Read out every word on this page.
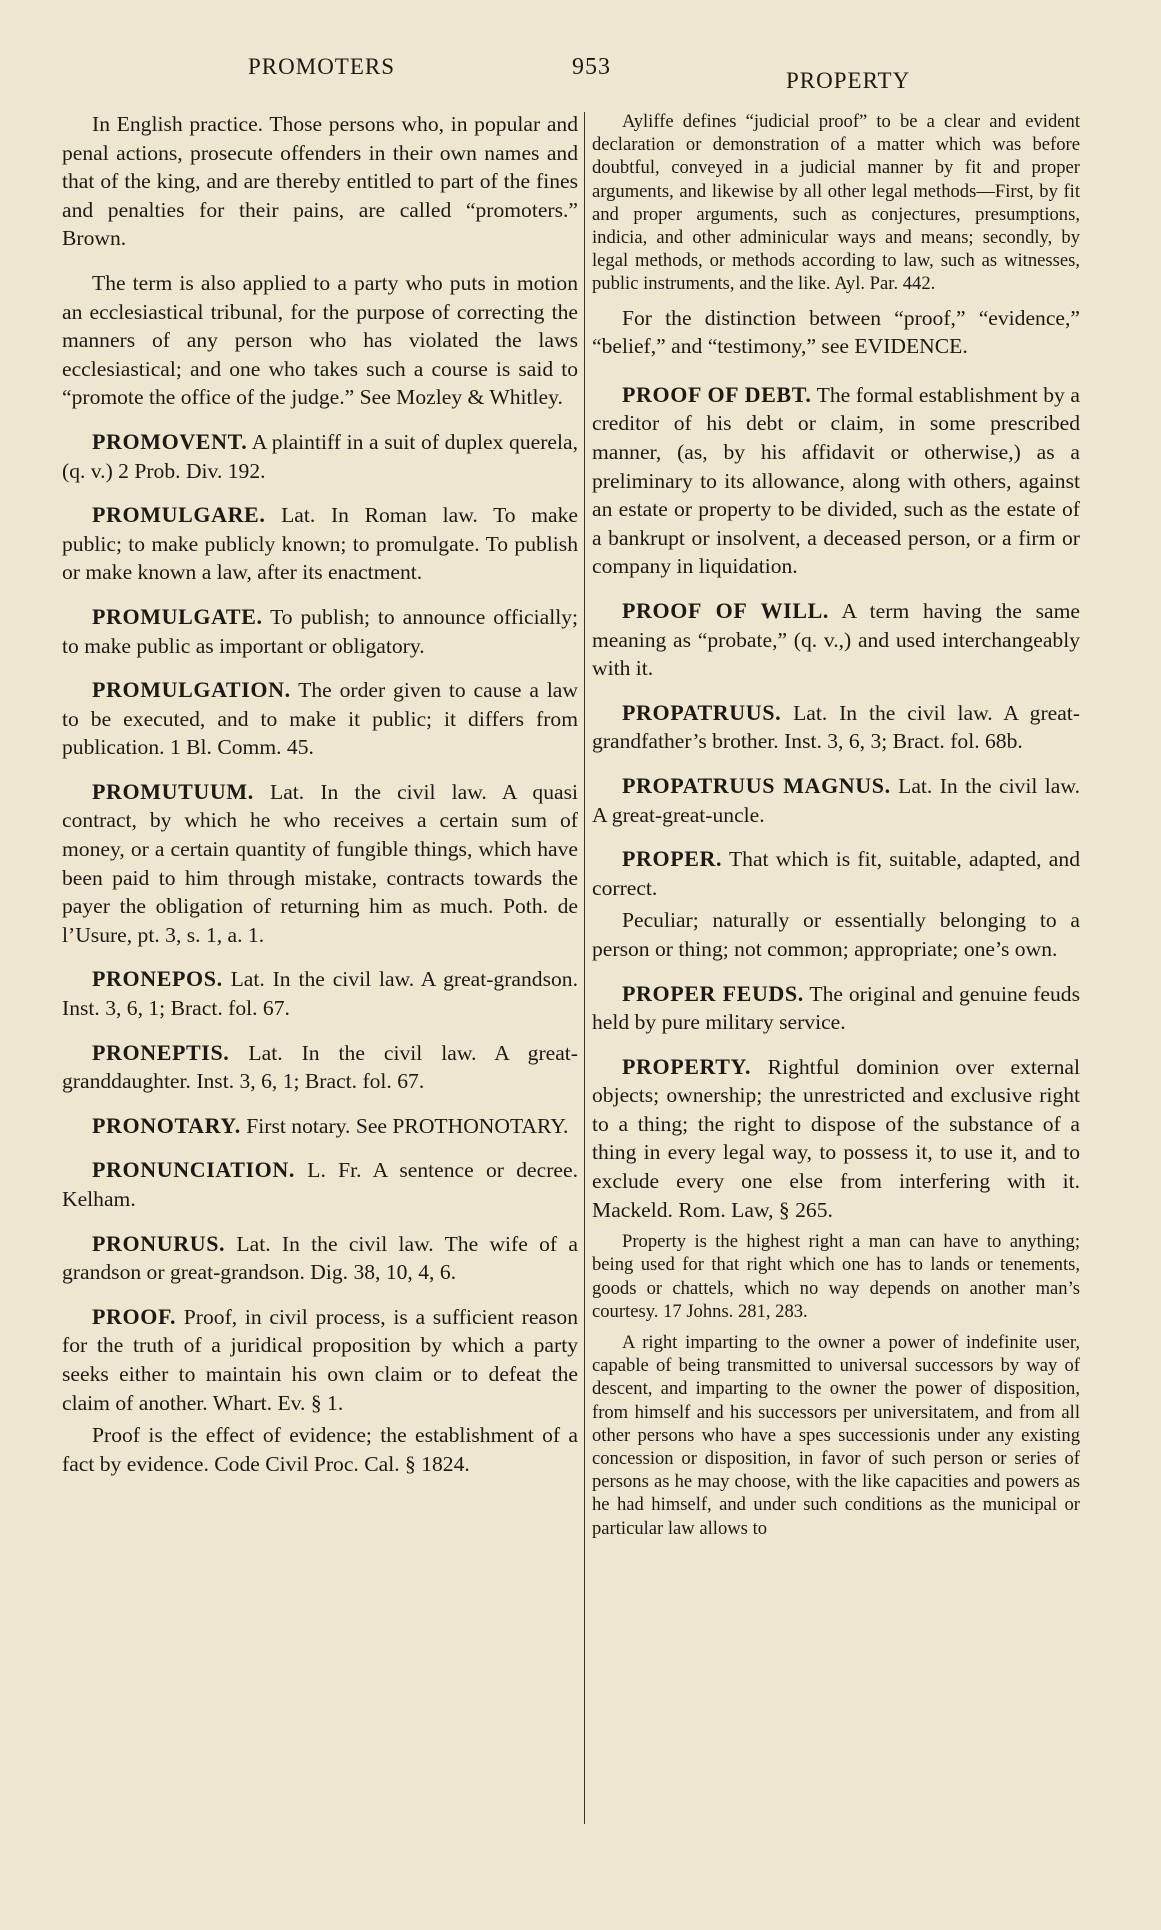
PROMOTERS	953
PROPERTY

In English practice. Those persons who, in popular and penal actions, prosecute offenders in their own names and that of the king, and are thereby entitled to part of the fines and penalties for their pains, are called “promoters.” Brown.

The term is also applied to a party who puts in motion an ecclesiastical tribunal, for the purpose of correcting the manners of any person who has violated the laws ecclesiastical; and one who takes such a course is said to “promote the office of the judge.” See Mozley & Whitley.

PROMOVENT. A plaintiff in a suit of duplex querela, (q. v.) 2 Prob. Div. 192.

PROMULGARE. Lat. In Roman law. To make public; to make publicly known; to promulgate. To publish or make known a law, after its enactment.

PROMULGATE. To publish; to announce officially; to make public as important or obligatory.

PROMULGATION. The order given to cause a law to be executed, and to make it public; it differs from publication. 1 Bl. Comm. 45.

PROMUTUUM. Lat. In the civil law. A quasi contract, by which he who receives a certain sum of money, or a certain quantity of fungible things, which have been paid to him through mistake, contracts towards the payer the obligation of returning him as much. Poth. de l’Usure, pt. 3, s. 1, a. 1.

PRONEPOS. Lat. In the civil law. A great-grandson. Inst. 3, 6, 1; Bract. fol. 67.

PRONEPTIS. Lat. In the civil law. A great-granddaughter. Inst. 3, 6, 1; Bract. fol. 67.

PRONOTARY. First notary. See PROTHONOTARY.

PRONUNCIATION. L. Fr. A sentence or decree. Kelham.

PRONURUS. Lat. In the civil law. The wife of a grandson or great-grandson. Dig. 38, 10, 4, 6.

PROOF. Proof, in civil process, is a sufficient reason for the truth of a juridical proposition by which a party seeks either to maintain his own claim or to defeat the claim of another. Whart. Ev. § 1.

Proof is the effect of evidence; the establishment of a fact by evidence. Code Civil Proc. Cal. § 1824.

Ayliffe defines “judicial proof” to be a clear and evident declaration or demonstration of a matter which was before doubtful, conveyed in a judicial manner by fit and proper arguments, and likewise by all other legal methods—First, by fit and proper arguments, such as conjectures, presumptions, indicia, and other adminicular ways and means; secondly, by legal methods, or methods according to law, such as witnesses, public instruments, and the like. Ayl. Par. 442.

For the distinction between “proof,” “evidence,” “belief,” and “testimony,” see EVIDENCE.

PROOF OF DEBT. The formal establishment by a creditor of his debt or claim, in some prescribed manner, (as, by his affidavit or otherwise,) as a preliminary to its allowance, along with others, against an estate or property to be divided, such as the estate of a bankrupt or insolvent, a deceased person, or a firm or company in liquidation.

PROOF OF WILL. A term having the same meaning as “probate,” (q. v.,) and used interchangeably with it.

PROPATRUUS. Lat. In the civil law. A great-grandfather’s brother. Inst. 3, 6, 3; Bract. fol. 68b.

PROPATRUUS MAGNUS. Lat. In the civil law. A great-great-uncle.

PROPER. That which is fit, suitable, adapted, and correct.

Peculiar; naturally or essentially belonging to a person or thing; not common; appropriate; one’s own.

PROPER FEUDS. The original and genuine feuds held by pure military service.

PROPERTY. Rightful dominion over external objects; ownership; the unrestricted and exclusive right to a thing; the right to dispose of the substance of a thing in every legal way, to possess it, to use it, and to exclude every one else from interfering with it. Mackeld. Rom. Law, § 265.

Property is the highest right a man can have to anything; being used for that right which one has to lands or tenements, goods or chattels, which no way depends on another man’s courtesy. 17 Johns. 281, 283.

A right imparting to the owner a power of indefinite user, capable of being transmitted to universal successors by way of descent, and imparting to the owner the power of disposition, from himself and his successors per universitatem, and from all other persons who have a spes successionis under any existing concession or disposition, in favor of such person or series of persons as he may choose, with the like capacities and powers as he had himself, and under such conditions as the municipal or particular law allows to
